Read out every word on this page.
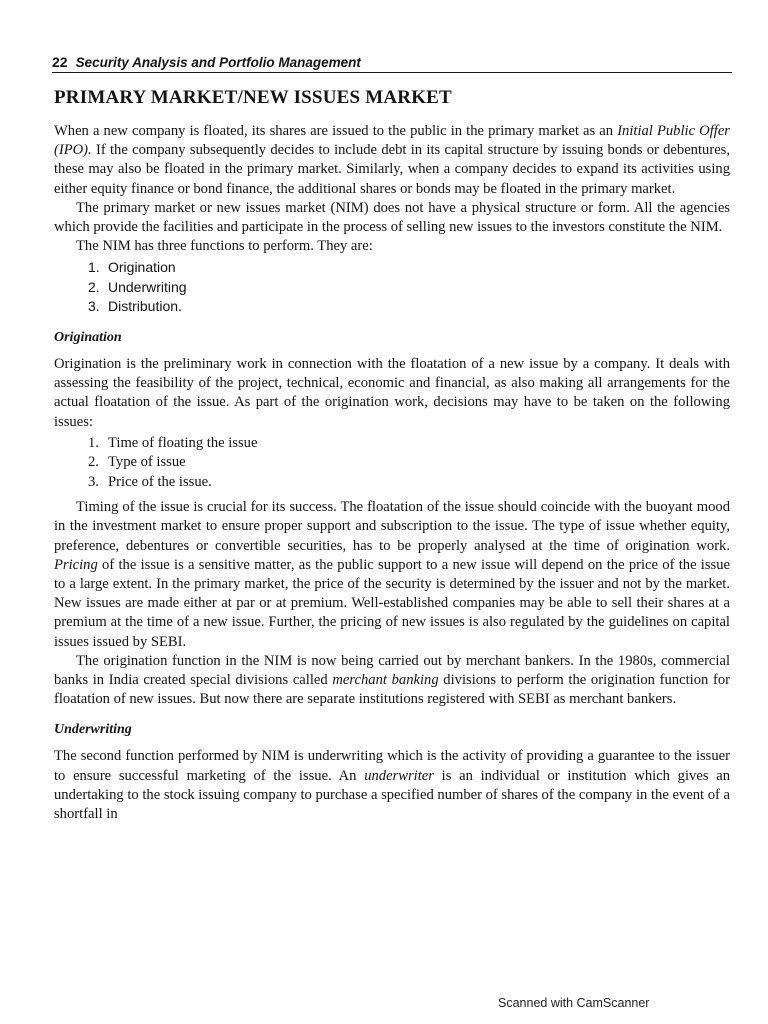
22 Security Analysis and Portfolio Management
PRIMARY MARKET/NEW ISSUES MARKET

When a new company is floated, its shares are issued to the public in the primary market as an Initial Public Offer (IPO). If the company subsequently decides to include debt in its capital structure by issuing bonds or debentures, these may also be floated in the primary market. Similarly, when a company decides to expand its activities using either equity finance or bond finance, the additional shares or bonds may be floated in the primary market.

The primary market or new issues market (NIM) does not have a physical structure or form. All the agencies which provide the facilities and participate in the process of selling new issues to the investors constitute the NIM.

The NIM has three functions to perform. They are:

1. Origination
2. Underwriting
3. Distribution.
Origination

Origination is the preliminary work in connection with the floatation of a new issue by a company. It deals with assessing the feasibility of the project, technical, economic and financial, as also making all arrangements for the actual floatation of the issue. As part of the origination work, decisions may have to be taken on the following issues:

1. Time of floating the issue
2. Type of issue
3. Price of the issue.

Timing of the issue is crucial for its success. The floatation of the issue should coincide with the buoyant mood in the investment market to ensure proper support and subscription to the issue. The type of issue whether equity, preference, debentures or convertible securities, has to be properly analysed at the time of origination work. Pricing of the issue is a sensitive matter, as the public support to a new issue will depend on the price of the issue to a large extent. In the primary market, the price of the security is determined by the issuer and not by the market. New issues are made either at par or at premium. Well-established companies may be able to sell their shares at a premium at the time of a new issue. Further, the pricing of new issues is also regulated by the guidelines on capital issues issued by SEBI.

The origination function in the NIM is now being carried out by merchant bankers. In the 1980s, commercial banks in India created special divisions called merchant banking divisions to perform the origination function for floatation of new issues. But now there are separate institutions registered with SEBI as merchant bankers.

Underwriting

The second function performed by NIM is underwriting which is the activity of providing a guarantee to the issuer to ensure successful marketing of the issue. An underwriter is an individual or institution which gives an undertaking to the stock issuing company to purchase a specified number of shares of the company in the event of a shortfall in

Scanned with CamScanner
